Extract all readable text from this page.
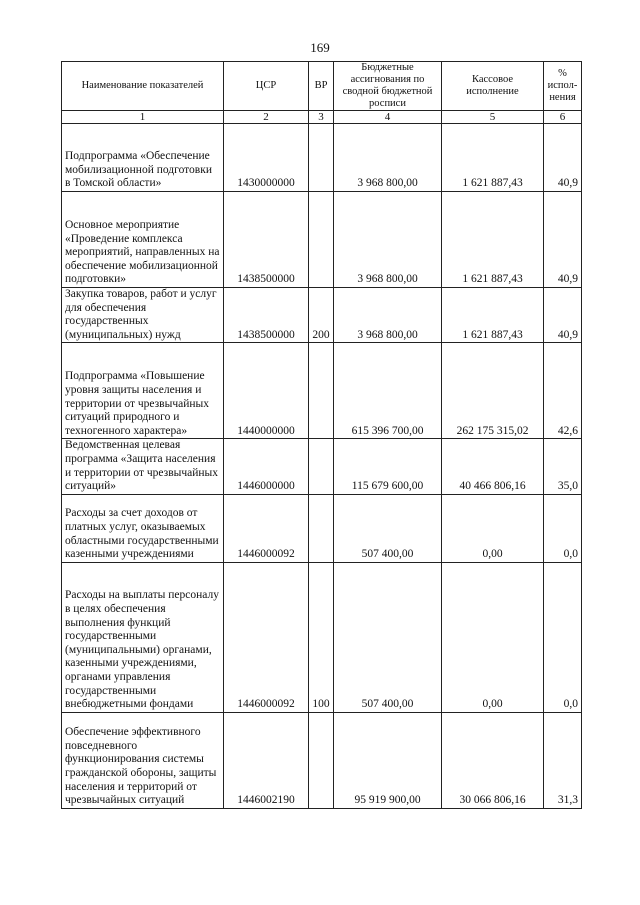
169
Наименование показателей	ЦСР	ВР	Бюджетные ассигнования по сводной бюджетной росписи	Кассовое исполнение	% испол-нения
1	2	3	4	5	6
Подпрограмма «Обеспечение мобилизационной подготовки в Томской области»	1430000000		3 968 800,00	1 621 887,43	40,9
Основное мероприятие «Проведение комплекса мероприятий, направленных на обеспечение мобилизационной подготовки»	1438500000		3 968 800,00	1 621 887,43	40,9
Закупка товаров, работ и услуг для обеспечения государственных (муниципальных) нужд	1438500000	200	3 968 800,00	1 621 887,43	40,9
Подпрограмма «Повышение уровня защиты населения и территории от чрезвычайных ситуаций природного и техногенного характера»	1440000000		615 396 700,00	262 175 315,02	42,6
Ведомственная целевая программа «Защита населения и территории от чрезвычайных ситуаций»	1446000000		115 679 600,00	40 466 806,16	35,0
Расходы за счет доходов от платных услуг, оказываемых областными государственными казенными учреждениями	1446000092		507 400,00	0,00	0,0
Расходы на выплаты персоналу в целях обеспечения выполнения функций государственными (муниципальными) органами, казенными учреждениями, органами управления государственными внебюджетными фондами	1446000092	100	507 400,00	0,00	0,0
Обеспечение эффективного повседневного функционирования системы гражданской обороны, защиты населения и территорий от чрезвычайных ситуаций	1446002190		95 919 900,00	30 066 806,16	31,3
